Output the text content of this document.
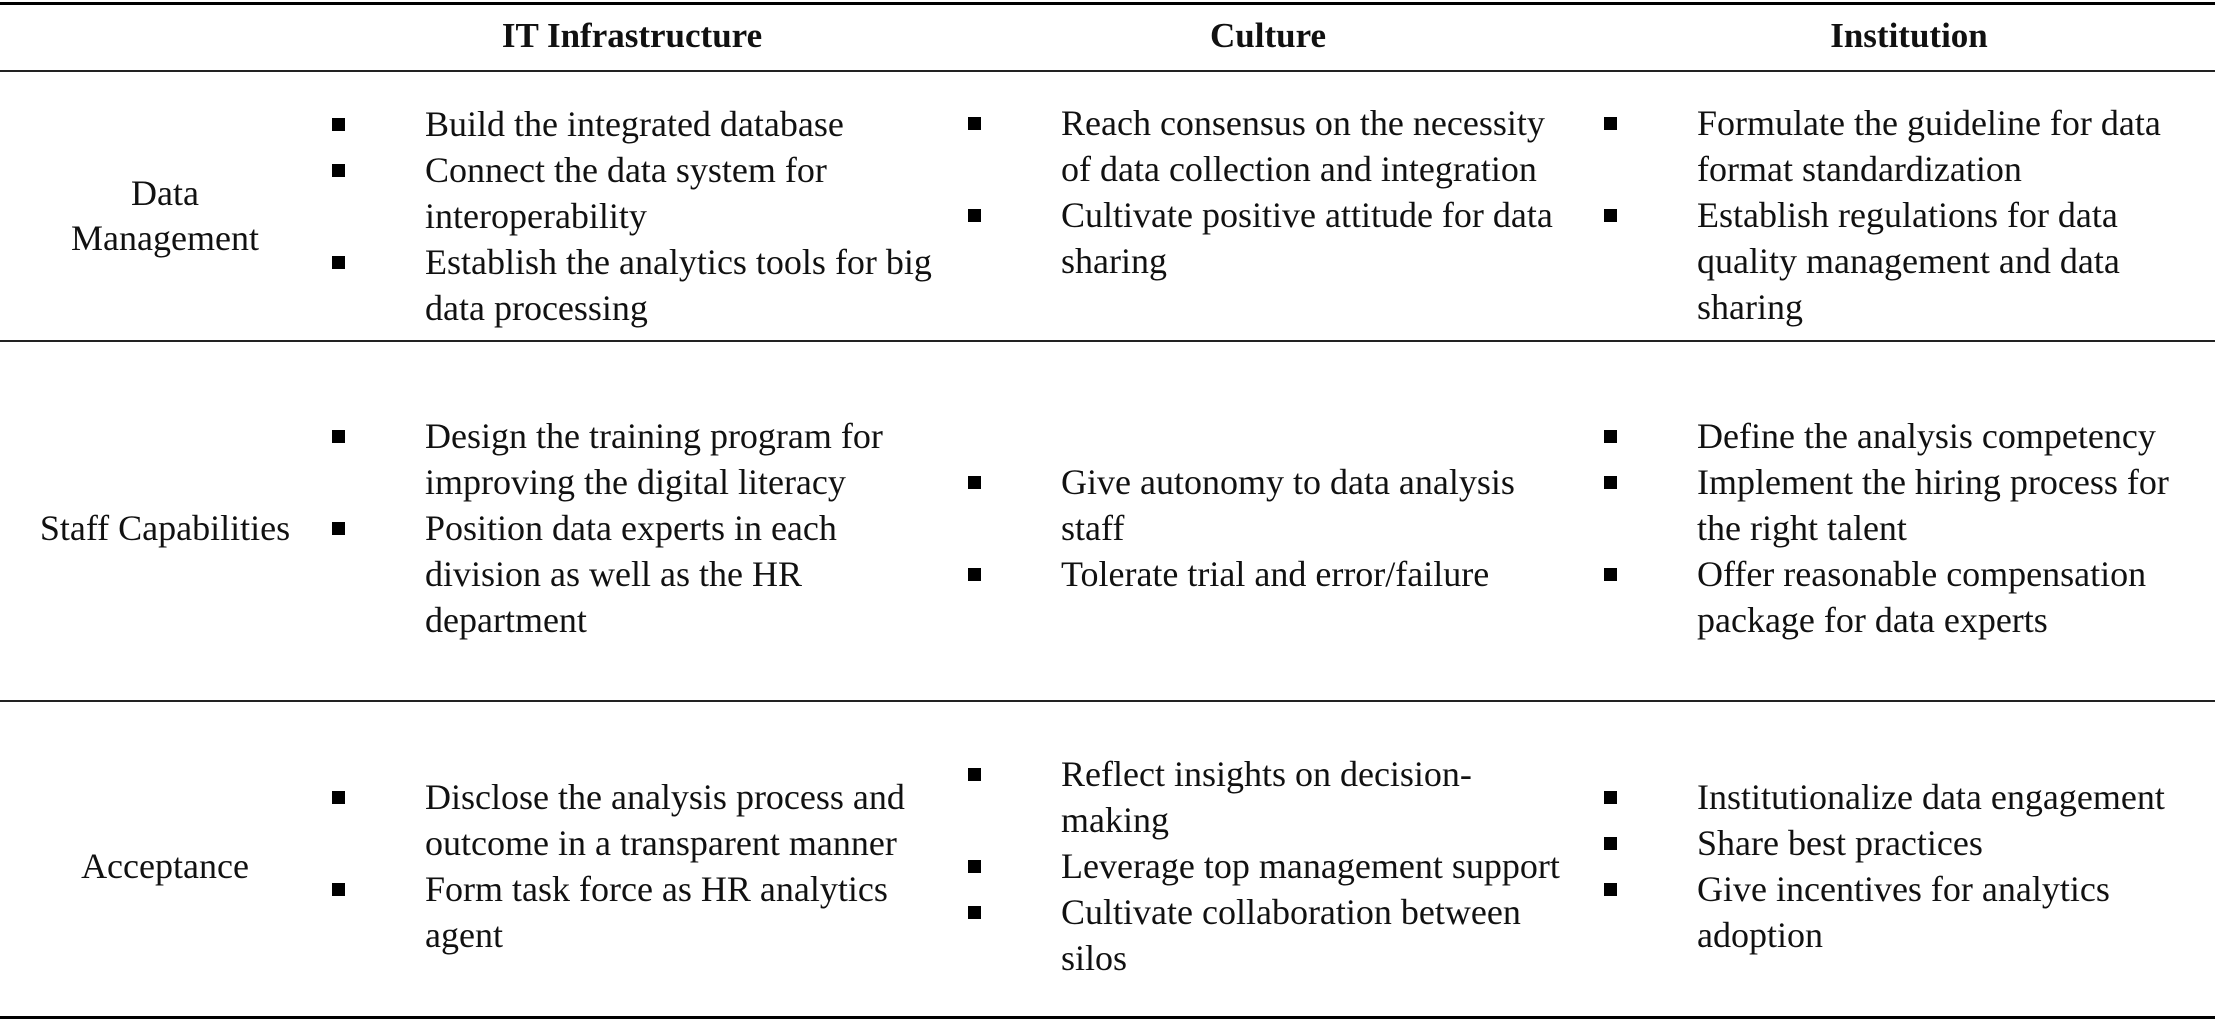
IT Infrastructure	Culture	Institution
Data Management
Build the integrated database
Connect the data system for interoperability
Establish the analytics tools for big data processing
Reach consensus on the necessity of data collection and integration
Cultivate positive attitude for data sharing
Formulate the guideline for data format standardization
Establish regulations for data quality management and data sharing
Staff Capabilities
Design the training program for improving the digital literacy
Position data experts in each division as well as the HR department
Give autonomy to data analysis staff
Tolerate trial and error/failure
Define the analysis competency
Implement the hiring process for the right talent
Offer reasonable compensation package for data experts
Acceptance
Disclose the analysis process and outcome in a transparent manner
Form task force as HR analytics agent
Reflect insights on decision-making
Leverage top management support
Cultivate collaboration between silos
Institutionalize data engagement
Share best practices
Give incentives for analytics adoption
